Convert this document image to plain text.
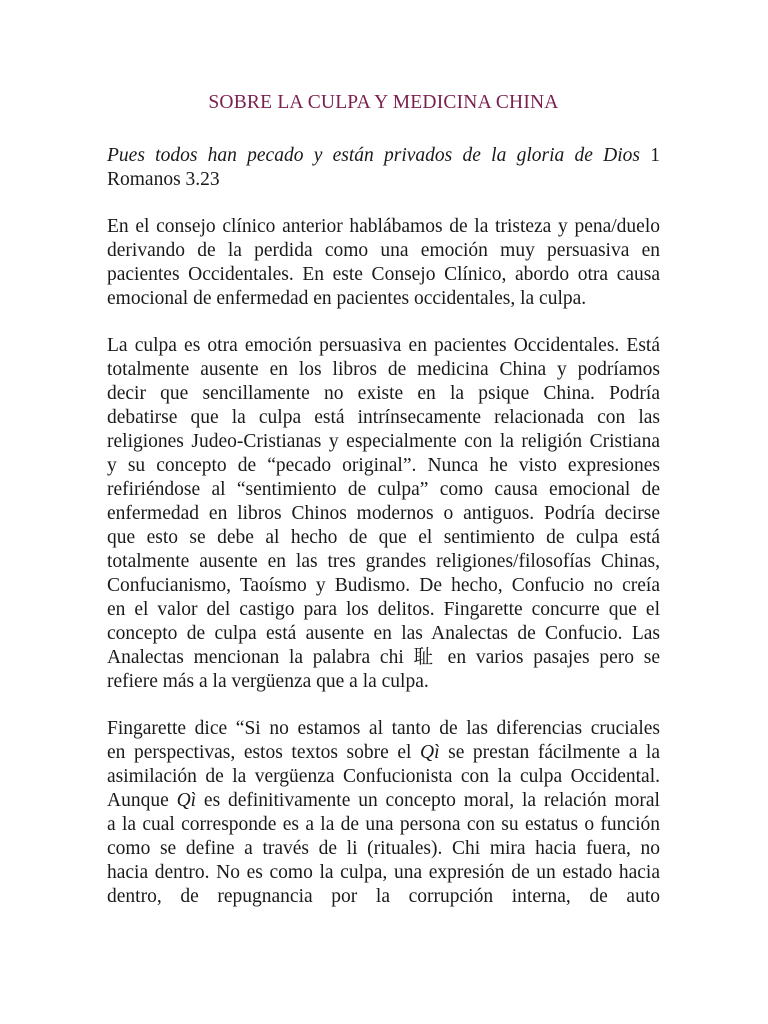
SOBRE LA CULPA Y MEDICINA CHINA

Pues todos han pecado y están privados de la gloria de Dios 1

Romanos 3.23

En el consejo clínico anterior hablábamos de la tristeza y pena/duelo

derivando de la perdida como una emoción muy persuasiva en

pacientes Occidentales. En este Consejo Clínico, abordo otra causa

emocional de enfermedad en pacientes occidentales, la culpa.

La culpa es otra emoción persuasiva en pacientes Occidentales. Está

totalmente ausente en los libros de medicina China y podríamos

decir que sencillamente no existe en la psique China. Podría

debatirse que la culpa está intrínsecamente relacionada con las

religiones Judeo-Cristianas y especialmente con la religión Cristiana

y su concepto de “pecado original”. Nunca he visto expresiones

refiriéndose al “sentimiento de culpa” como causa emocional de

enfermedad en libros Chinos modernos o antiguos. Podría decirse

que esto se debe al hecho de que el sentimiento de culpa está

totalmente ausente en las tres grandes religiones/filosofías Chinas,

Confucianismo, Taoísmo y Budismo. De hecho, Confucio no creía

en el valor del castigo para los delitos. Fingarette concurre que el

concepto de culpa está ausente en las Analectas de Confucio. Las

Analectas mencionan la palabra chi 耻 en varios pasajes pero se

refiere más a la vergüenza que a la culpa.

Fingarette dice “Si no estamos al tanto de las diferencias cruciales

en perspectivas, estos textos sobre el Qì se prestan fácilmente a la

asimilación de la vergüenza Confucionista con la culpa Occidental.

Aunque Qì es definitivamente un concepto moral, la relación moral

a la cual corresponde es a la de una persona con su estatus o función

como se define a través de li (rituales). Chi mira hacia fuera, no

hacia dentro. No es como la culpa, una expresión de un estado hacia

dentro, de repugnancia por la corrupción interna, de auto
